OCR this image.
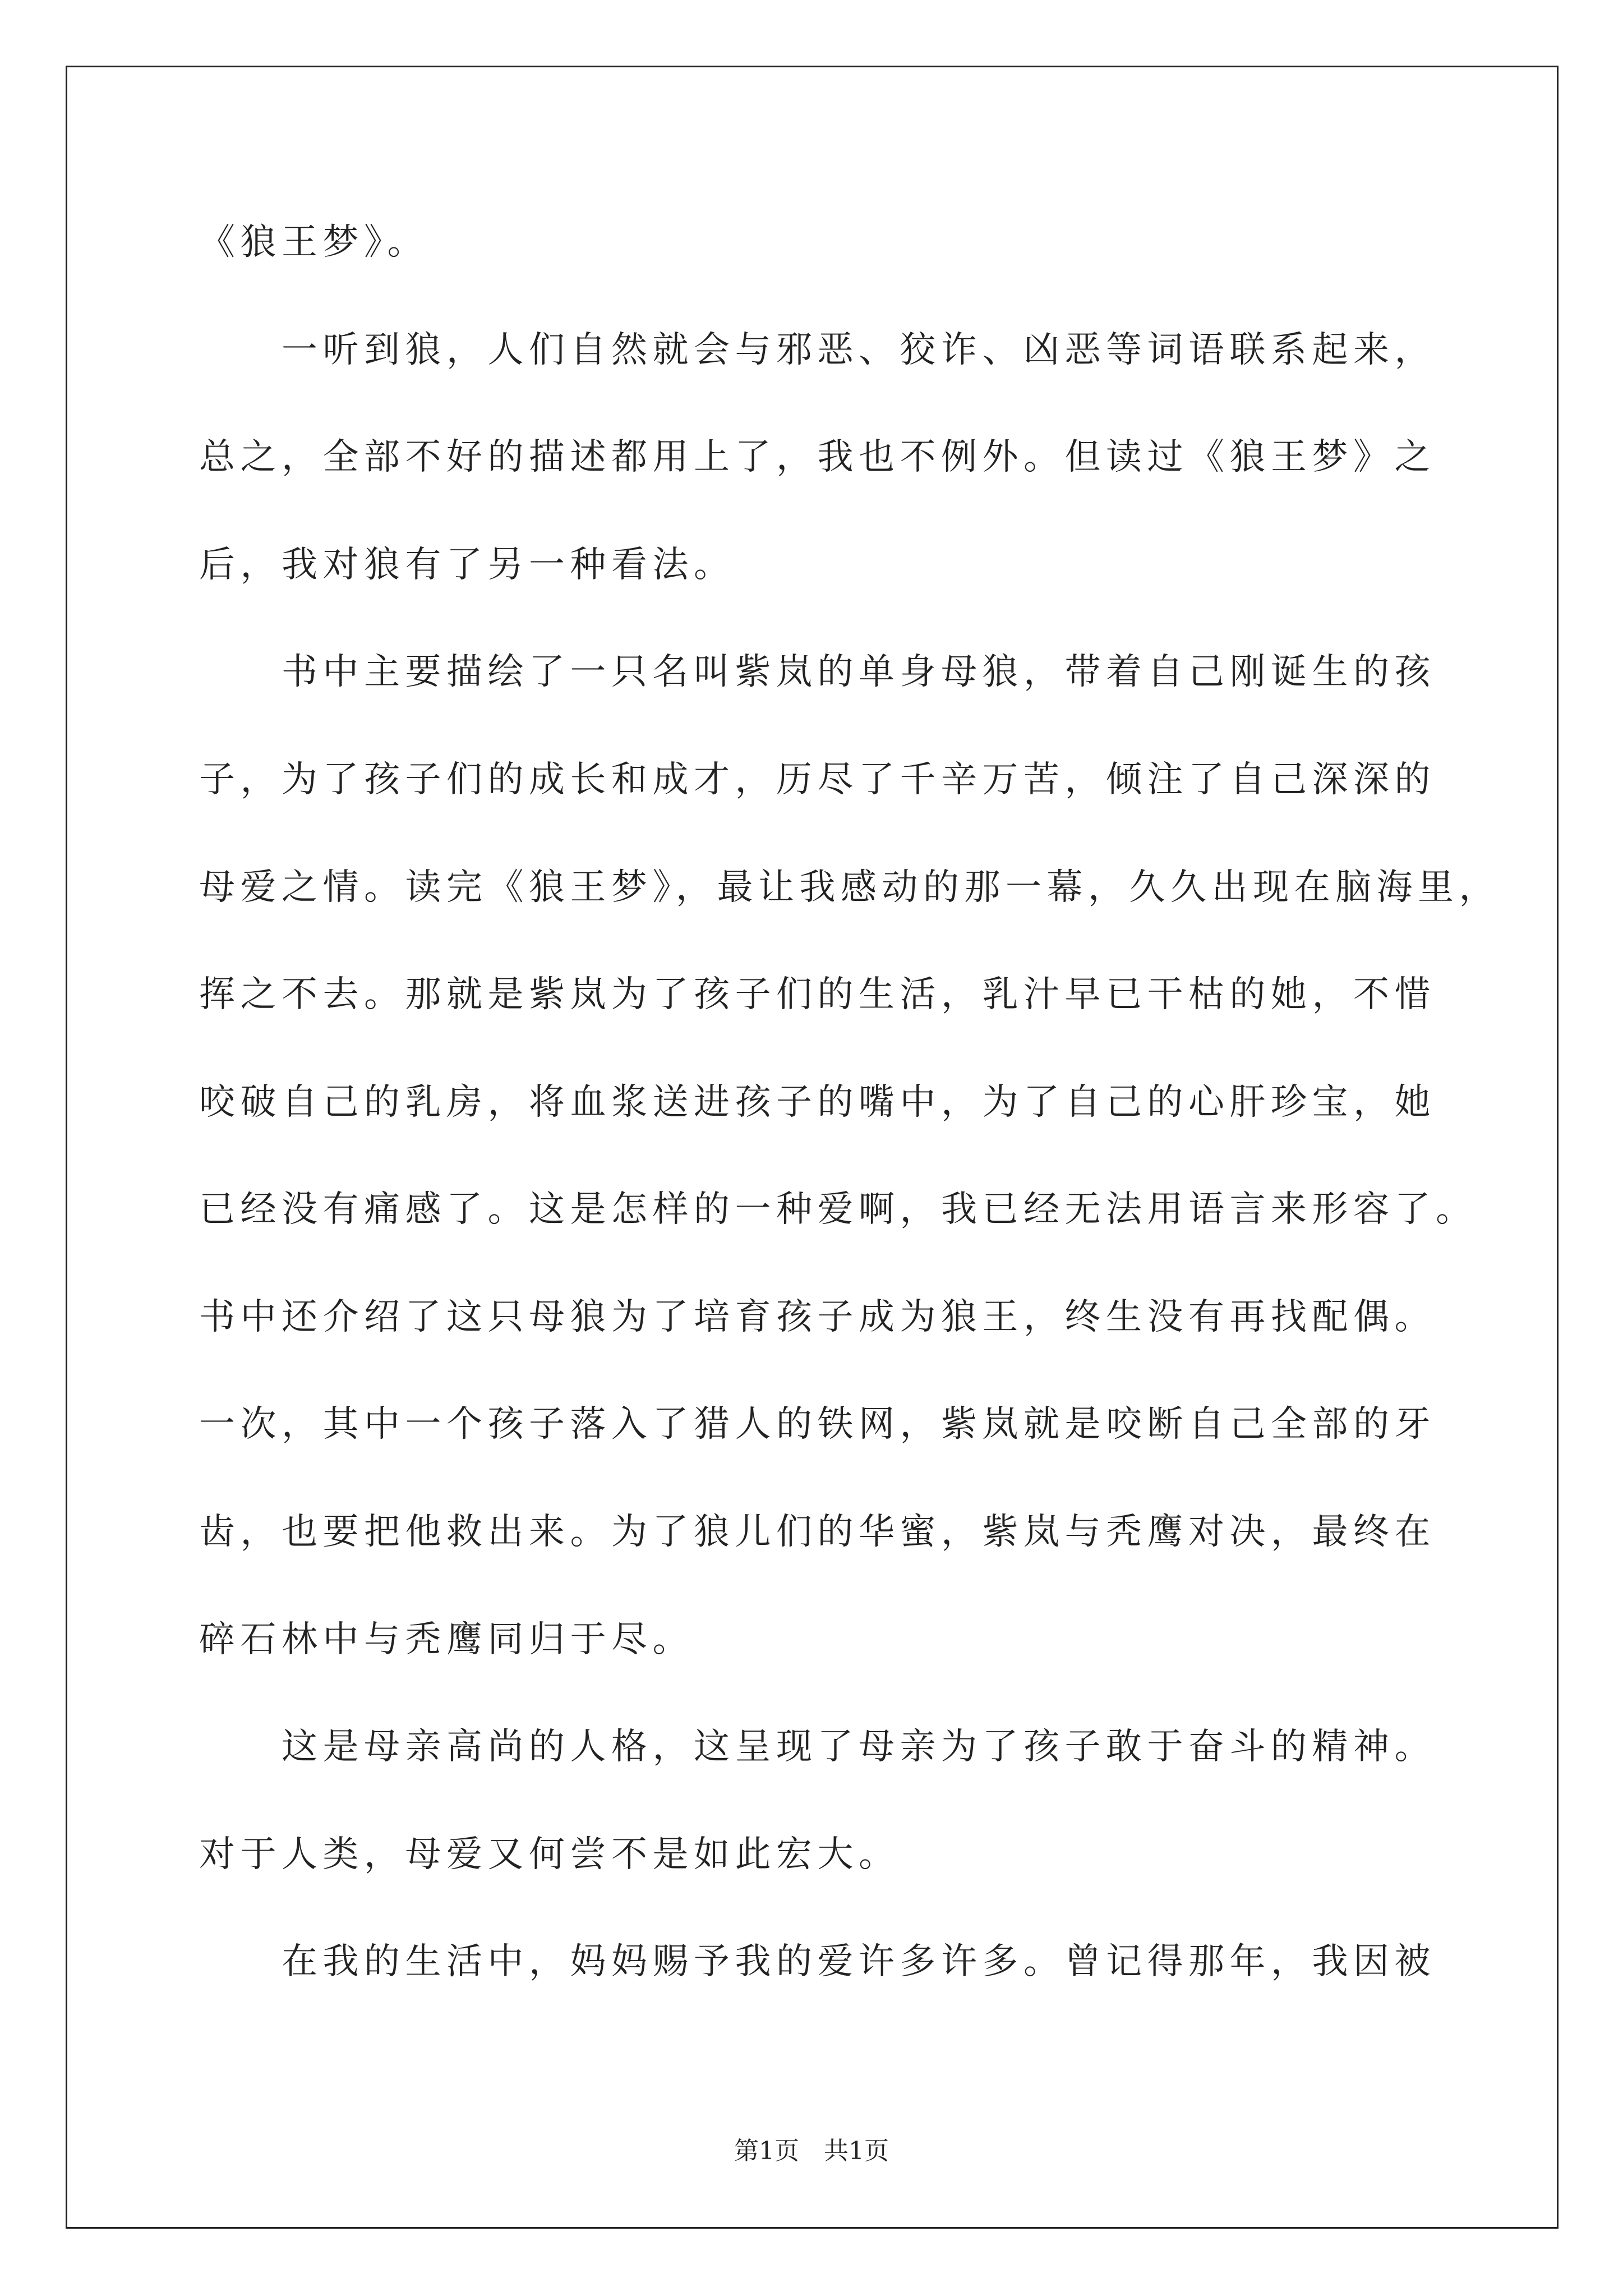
《狼王梦》。
　　一听到狼，人们自然就会与邪恶、狡诈、凶恶等词语联系起来，
总之，全部不好的描述都用上了，我也不例外。但读过《狼王梦》之
后，我对狼有了另一种看法。
　　书中主要描绘了一只名叫紫岚的单身母狼，带着自己刚诞生的孩
子，为了孩子们的成长和成才，历尽了千辛万苦，倾注了自己深深的
母爱之情。读完《狼王梦》，最让我感动的那一幕，久久出现在脑海里，
挥之不去。那就是紫岚为了孩子们的生活，乳汁早已干枯的她，不惜
咬破自己的乳房，将血浆送进孩子的嘴中，为了自己的心肝珍宝，她
已经没有痛感了。这是怎样的一种爱啊，我已经无法用语言来形容了。
书中还介绍了这只母狼为了培育孩子成为狼王，终生没有再找配偶。
一次，其中一个孩子落入了猎人的铁网，紫岚就是咬断自己全部的牙
齿，也要把他救出来。为了狼儿们的华蜜，紫岚与秃鹰对决，最终在
碎石林中与秃鹰同归于尽。
　　这是母亲高尚的人格，这呈现了母亲为了孩子敢于奋斗的精神。
对于人类，母爱又何尝不是如此宏大。
　　在我的生活中，妈妈赐予我的爱许多许多。曾记得那年，我因被
第1页　共1页
